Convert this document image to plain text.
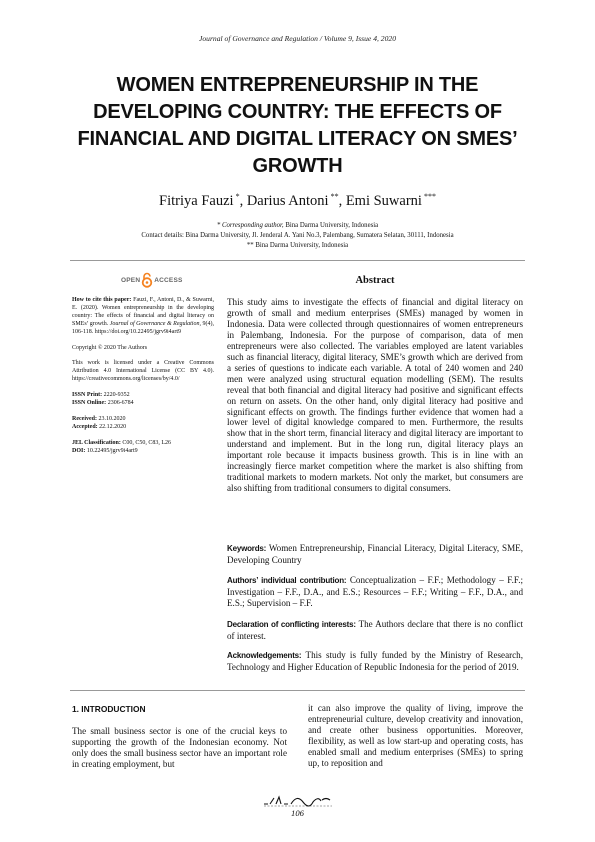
Journal of Governance and Regulation / Volume 9, Issue 4, 2020
WOMEN ENTREPRENEURSHIP IN THE DEVELOPING COUNTRY: THE EFFECTS OF FINANCIAL AND DIGITAL LITERACY ON SMES’ GROWTH
Fitriya Fauzi *, Darius Antoni **, Emi Suwarni ***
* Corresponding author, Bina Darma University, Indonesia
Contact details: Bina Darma University, Jl. Jenderal A. Yani No.3, Palembang, Sumatera Selatan, 30111, Indonesia
** Bina Darma University, Indonesia
OPEN ACCESS

How to cite this paper: Fauzi, F., Antoni, D., & Suwarni, E. (2020). Women entrepreneurship in the developing country: The effects of financial and digital literacy on SMEs’ growth. Journal of Governance & Regulation, 9(4), 106-118. https://doi.org/10.22495/jgrv9i4art9

Copyright © 2020 The Authors

This work is licensed under a Creative Commons Attribution 4.0 International License (CC BY 4.0). https://creativecommons.org/licenses/by/4.0/

ISSN Print: 2220-9352
ISSN Online: 2306-6784

Received: 23.10.2020
Accepted: 22.12.2020

JEL Classification: C00, C50, C83, L26
DOI: 10.22495/jgrv9i4art9

Abstract
This study aims to investigate the effects of financial and digital literacy on growth of small and medium enterprises (SMEs) managed by women in Indonesia. Data were collected through questionnaires of women entrepreneurs in Palembang, Indonesia. For the purpose of comparison, data of men entrepreneurs were also collected. The variables employed are latent variables such as financial literacy, digital literacy, SME’s growth which are derived from a series of questions to indicate each variable. A total of 240 women and 240 men were analyzed using structural equation modelling (SEM). The results reveal that both financial and digital literacy had positive and significant effects on return on assets. On the other hand, only digital literacy had positive and significant effects on growth. The findings further evidence that women had a lower level of digital knowledge compared to men. Furthermore, the results show that in the short term, financial literacy and digital literacy are important to understand and implement. But in the long run, digital literacy plays an important role because it impacts business growth. This is in line with an increasingly fierce market competition where the market is also shifting from traditional markets to modern markets. Not only the market, but consumers are also shifting from traditional consumers to digital consumers.

Keywords: Women Entrepreneurship, Financial Literacy, Digital Literacy, SME, Developing Country

Authors’ individual contribution: Conceptualization – F.F.; Methodology – F.F.; Investigation – F.F., D.A., and E.S.; Resources – F.F.; Writing – F.F., D.A., and E.S.; Supervision – F.F.

Declaration of conflicting interests: The Authors declare that there is no conflict of interest.

Acknowledgements: This study is fully funded by the Ministry of Research, Technology and Higher Education of Republic Indonesia for the period of 2019.

1. INTRODUCTION
The small business sector is one of the crucial keys to supporting the growth of the Indonesian economy. Not only does the small business sector have an important role in creating employment, but
it can also improve the quality of living, improve the entrepreneurial culture, develop creativity and innovation, and create other business opportunities. Moreover, flexibility, as well as low start-up and operating costs, has enabled small and medium enterprises (SMEs) to spring up, to reposition and
106
